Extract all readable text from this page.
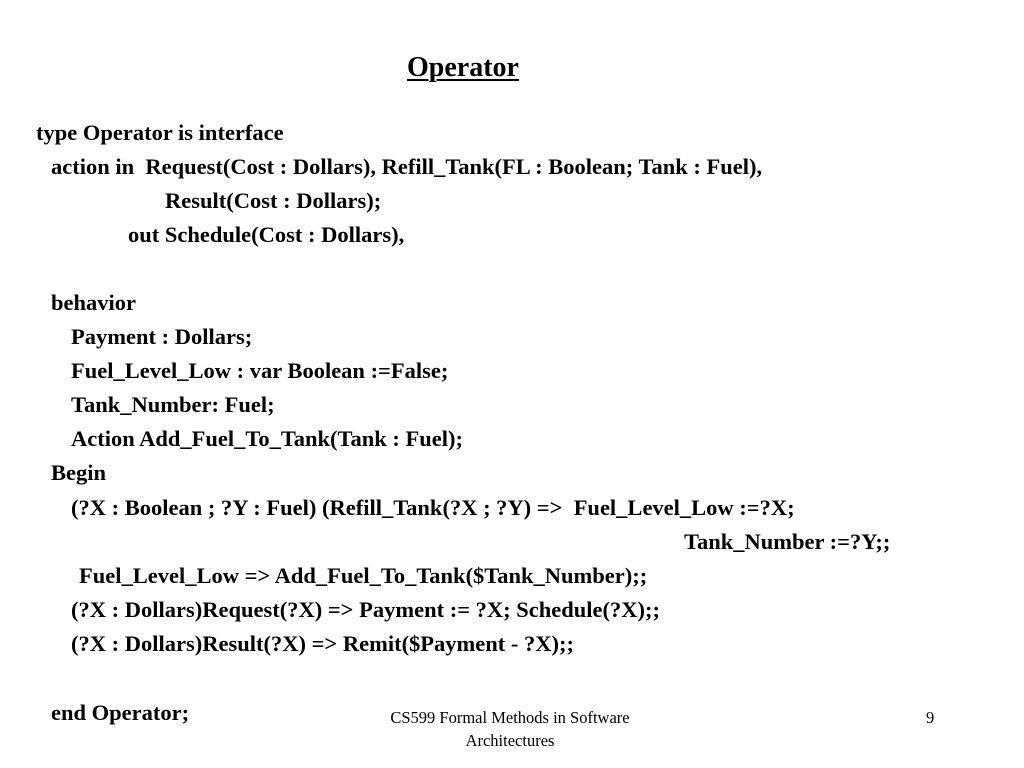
Operator
type Operator is interface
action in  Request(Cost : Dollars), Refill_Tank(FL : Boolean; Tank : Fuel),
Result(Cost : Dollars);
out Schedule(Cost : Dollars),
behavior
Payment : Dollars;
Fuel_Level_Low : var Boolean :=False;
Tank_Number: Fuel;
Action Add_Fuel_To_Tank(Tank : Fuel);
Begin
(?X : Boolean ; ?Y : Fuel) (Refill_Tank(?X ; ?Y) =>  Fuel_Level_Low :=?X;
Tank_Number :=?Y;;
Fuel_Level_Low => Add_Fuel_To_Tank($Tank_Number);;
(?X : Dollars)Request(?X) => Payment := ?X; Schedule(?X);;
(?X : Dollars)Result(?X) => Remit($Payment - ?X);;
end Operator;	CS599 Formal Methods in Software
Architectures
9
